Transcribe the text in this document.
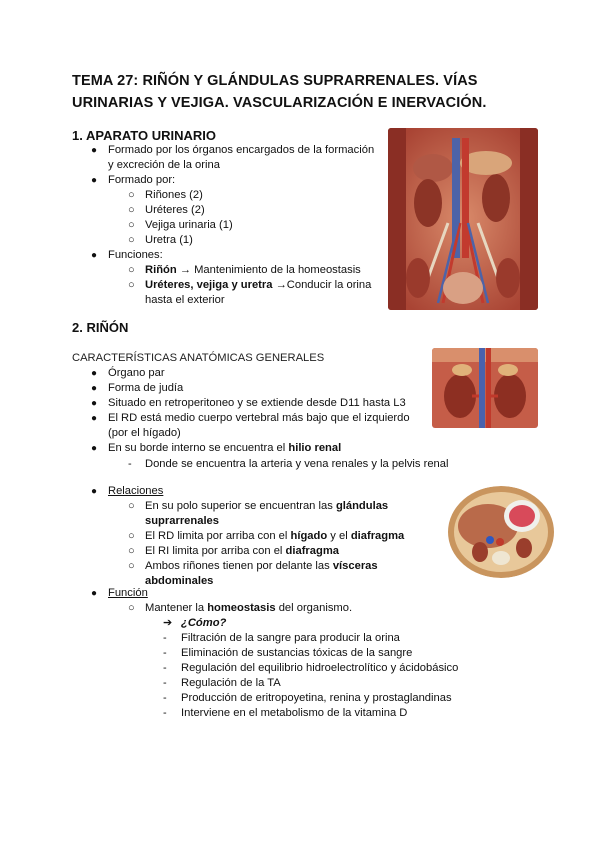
TEMA 27: RIÑÓN Y GLÁNDULAS SUPRARRENALES. VÍAS URINARIAS Y VEJIGA. VASCULARIZACIÓN E INERVACIÓN.
1. APARATO URINARIO
● Formado por los órganos encargados de la formación
y excreción de la orina
● Formado por:
○ Riñones (2)
○ Uréteres (2)
○ Vejiga urinaria (1)
○ Uretra (1)
● Funciones:
○ Riñón → Mantenimiento de la homeostasis
○ Uréteres, vejiga y uretra →Conducir la orina
hasta el exterior
2. RIÑÓN
CARACTERÍSTICAS ANATÓMICAS GENERALES
● Órgano par
● Forma de judía
● Situado en retroperitoneo y se extiende desde D11 hasta L3
● El RD está medio cuerpo vertebral más bajo que el izquierdo
(por el hígado)
● En su borde interno se encuentra el hilio renal
- Donde se encuentra la arteria y vena renales y la pelvis renal
● Relaciones
○ En su polo superior se encuentran las glándulas
suprarrenales
○ El RD limita por arriba con el hígado y el diafragma
○ El RI limita por arriba con el diafragma
○ Ambos riñones tienen por delante las vísceras
abdominales
● Función
○ Mantener la homeostasis del organismo.
➔ ¿Cómo?
- Filtración de la sangre para producir la orina
- Eliminación de sustancias tóxicas de la sangre
- Regulación del equilibrio hidroelectrolítico y ácidobásico
- Regulación de la TA
- Producción de eritropoyetina, renina y prostaglandinas
- Interviene en el metabolismo de la vitamina D
